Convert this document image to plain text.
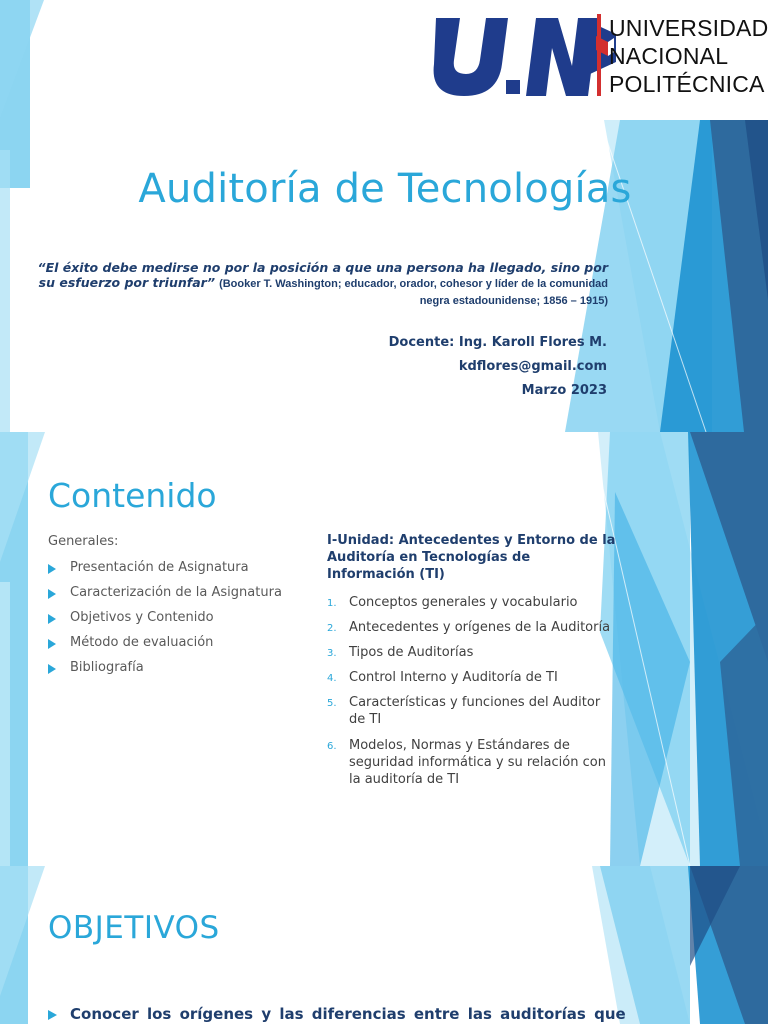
UNIVERSIDAD
NACIONAL
POLITÉCNICA
Auditoría de Tecnologías
“El éxito debe medirse no por la posición a que una persona ha llegado, sino por su esfuerzo por triunfar” (Booker T. Washington; educador, orador, cohesor y líder de la comunidad negra estadounidense; 1856 – 1915)
Docente: Ing. Karoll Flores M.
kdflores@gmail.com
Marzo 2023
Contenido
Generales:
Presentación de Asignatura
Caracterización de la Asignatura
Objetivos y Contenido
Método de evaluación
Bibliografía
I-Unidad: Antecedentes y Entorno de la Auditoría en Tecnologías de Información (TI)
1. Conceptos generales y vocabulario
2. Antecedentes y orígenes de la Auditoría
3. Tipos de Auditorías
4. Control Interno y Auditoría de TI
5. Características y funciones del Auditor de TI
6. Modelos, Normas y Estándares de seguridad informática y su relación con la auditoría de TI
OBJETIVOS
Conocer los orígenes y las diferencias entre las auditorías que
